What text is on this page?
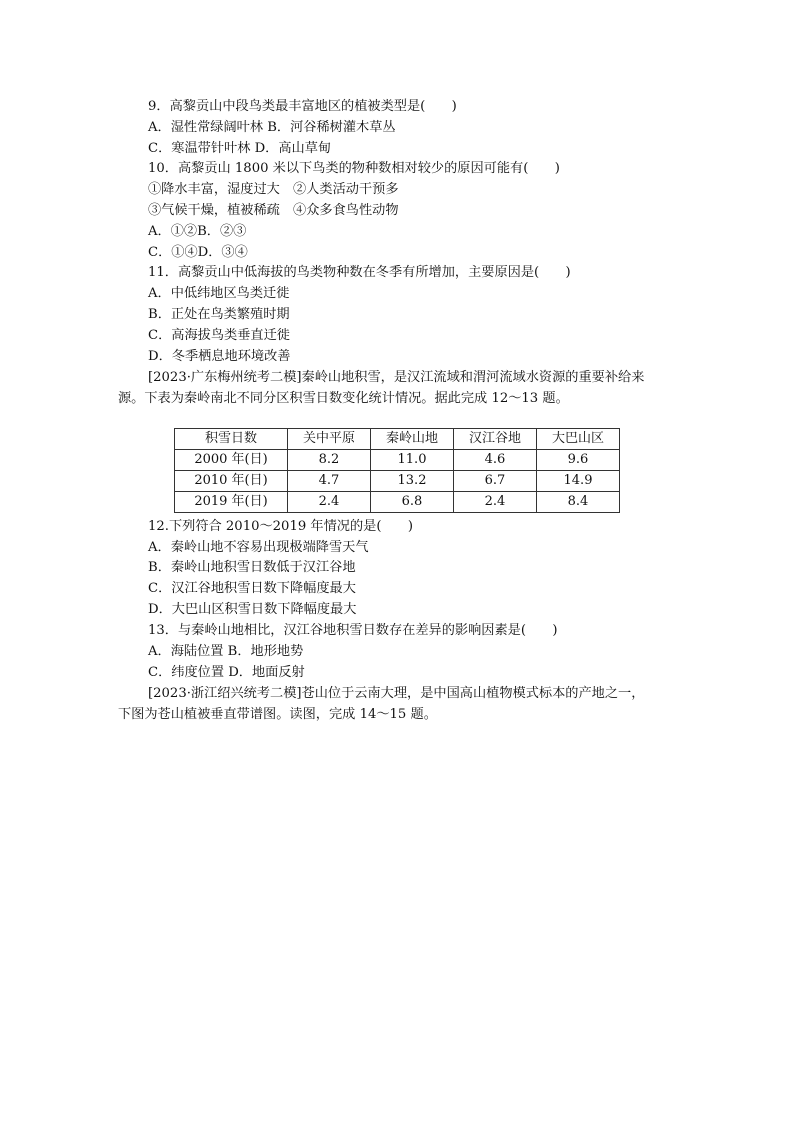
9．高黎贡山中段鸟类最丰富地区的植被类型是(　　)
A．湿性常绿阔叶林 B．河谷稀树灌木草丛
C．寒温带针叶林 D．高山草甸
10．高黎贡山 1800 米以下鸟类的物种数相对较少的原因可能有(　　)
①降水丰富，湿度过大　②人类活动干预多
③气候干燥，植被稀疏　④众多食鸟性动物
A．①②B．②③
C．①④D．③④
11．高黎贡山中低海拔的鸟类物种数在冬季有所增加，主要原因是(　　)
A．中低纬地区鸟类迁徙
B．正处在鸟类繁殖时期
C．高海拔鸟类垂直迁徙
D．冬季栖息地环境改善
[2023·广东梅州统考二模]秦岭山地积雪，是汉江流域和渭河流域水资源的重要补给来
源。下表为秦岭南北不同分区积雪日数变化统计情况。据此完成 12～13 题。
积雪日数	关中平原	秦岭山地	汉江谷地	大巴山区
2000 年(日)	8.2	11.0	4.6	9.6
2010 年(日)	4.7	13.2	6.7	14.9
2019 年(日)	2.4	6.8	2.4	8.4
12.下列符合 2010～2019 年情况的是(　　)
A．秦岭山地不容易出现极端降雪天气
B．秦岭山地积雪日数低于汉江谷地
C．汉江谷地积雪日数下降幅度最大
D．大巴山区积雪日数下降幅度最大
13．与秦岭山地相比，汉江谷地积雪日数存在差异的影响因素是(　　)
A．海陆位置 B．地形地势
C．纬度位置 D．地面反射
[2023·浙江绍兴统考二模]苍山位于云南大理，是中国高山植物模式标本的产地之一，
下图为苍山植被垂直带谱图。读图，完成 14～15 题。
